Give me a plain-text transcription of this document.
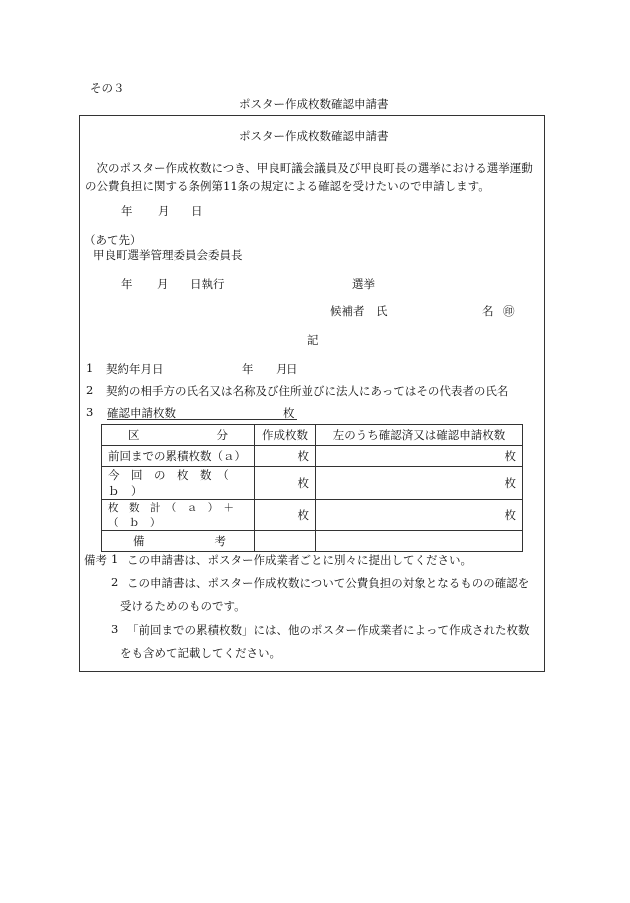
その３
ポスター作成枚数確認申請書
ポスター作成枚数確認申請書
　次のポスター作成枚数につき、甲良町議会議員及び甲良町長の選挙における選挙運動の公費負担に関する条例第11条の規定による確認を受けたいので申請します。
年 月 日
（あて先）
甲良町選挙管理委員会委員長
年 月 日執行	選挙
候補者　氏	名 ㊞
記
1 契約年月日	年 月
日
2 契約の相手方の氏名又は名称及び住所並びに法人にあってはその代表者の氏名
3 確認申請枚数	枚
区 分	作成枚数	左のうち確認済又は確認申請枚数
前回までの累積枚数（ａ）	枚	枚
今　回　の　枚　数　（　ｂ　）	枚	枚
枚　数　計　（　ａ　）　＋　（　ｂ　）	枚	枚

備 考		

備考 1 この申請書は、ポスター作成業者ごとに別々に提出してください。
2 この申請書は、ポスター作成枚数について公費負担の対象となるものの確認を
受けるためのものです。
3 「前回までの累積枚数」には、他のポスター作成業者によって作成された枚数
をも含めて記載してください。
